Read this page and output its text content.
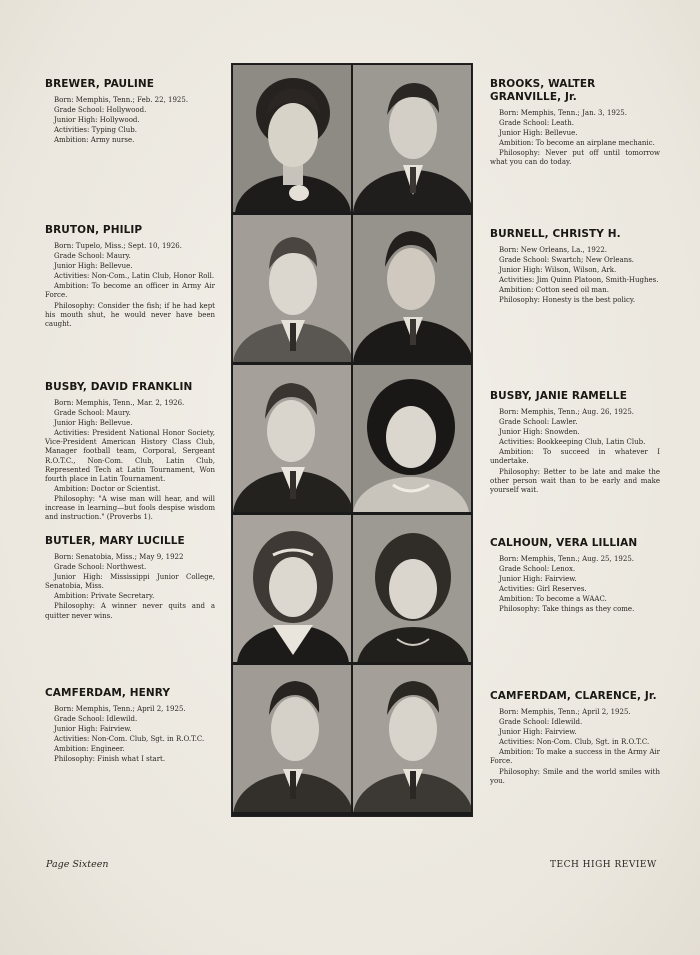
BREWER, PAULINE

Born: Memphis, Tenn.; Feb. 22, 1925.

Grade School: Hollywood.

Junior High: Hollywood.

Activities: Typing Club.

Ambition: Army nurse.

BROOKS, WALTER
GRANVILLE, Jr.

Born: Memphis, Tenn.; Jan. 3, 1925.

Grade School: Leath.

Junior High: Bellevue.

Ambition: To become an airplane mechanic.

Philosophy: Never put off until tomorrow what you can do today.

BRUTON, PHILIP

Born: Tupelo, Miss.; Sept. 10, 1926.

Grade School: Maury.

Junior High: Bellevue.

Activities: Non-Com., Latin Club, Honor Roll.

Ambition: To become an officer in Army Air Force.

Philosophy: Consider the fish; if he had kept his mouth shut, he would never have been caught.

BURNELL, CHRISTY H.

Born: New Orleans, La., 1922.

Grade School: Swartch; New Orleans.

Junior High: Wilson, Wilson, Ark.

Activities: Jim Quinn Platoon, Smith-Hughes.

Ambition: Cotton seed oil man.

Philosophy: Honesty is the best policy.

BUSBY, DAVID FRANKLIN

Born: Memphis, Tenn., Mar. 2, 1926.

Grade School: Maury.

Junior High: Bellevue.

Activities: President National Honor Society, Vice-President American History Class Club, Manager football team, Corporal, Sergeant R.O.T.C., Non-Com. Club, Latin Club, Represented Tech at Latin Tournament, Won fourth place in Latin Tournament.

Ambition: Doctor or Scientist.

Philosophy: "A wise man will hear, and will increase in learning—but fools despise wisdom and instruction." (Proverbs 1).

BUSBY, JANIE RAMELLE

Born: Memphis, Tenn.; Aug. 26, 1925.

Grade School: Lawler.

Junior High: Snowden.

Activities: Bookkeeping Club, Latin Club.

Ambition: To succeed in whatever I undertake.

Philosophy: Better to be late and make the other person wait than to be early and make yourself wait.

BUTLER, MARY LUCILLE

Born: Senatobia, Miss.; May 9, 1922

Grade School: Northwest.

Junior High: Mississippi Junior College, Senatobia, Miss.

Ambition: Private Secretary.

Philosophy: A winner never quits and a quitter never wins.

CALHOUN, VERA LILLIAN

Born: Memphis, Tenn.; Aug. 25, 1925.

Grade School: Lenox.

Junior High: Fairview.

Activities: Girl Reserves.

Ambition: To become a WAAC.

Philosophy: Take things as they come.

CAMFERDAM, HENRY

Born: Memphis, Tenn.; April 2, 1925.

Grade School: Idlewild.

Junior High: Fairview.

Activities: Non-Com. Club, Sgt. in R.O.T.C.

Ambition: Engineer.

Philosophy: Finish what I start.

CAMFERDAM, CLARENCE, Jr.

Born: Memphis, Tenn.; April 2, 1925.

Grade School: Idlewild.

Junior High: Fairview.

Activities: Non-Com. Club, Sgt. in R.O.T.C.

Ambition: To make a success in the Army Air Force.

Philosophy: Smile and the world smiles with you.

Page Sixteen	TECH HIGH REVIEW
